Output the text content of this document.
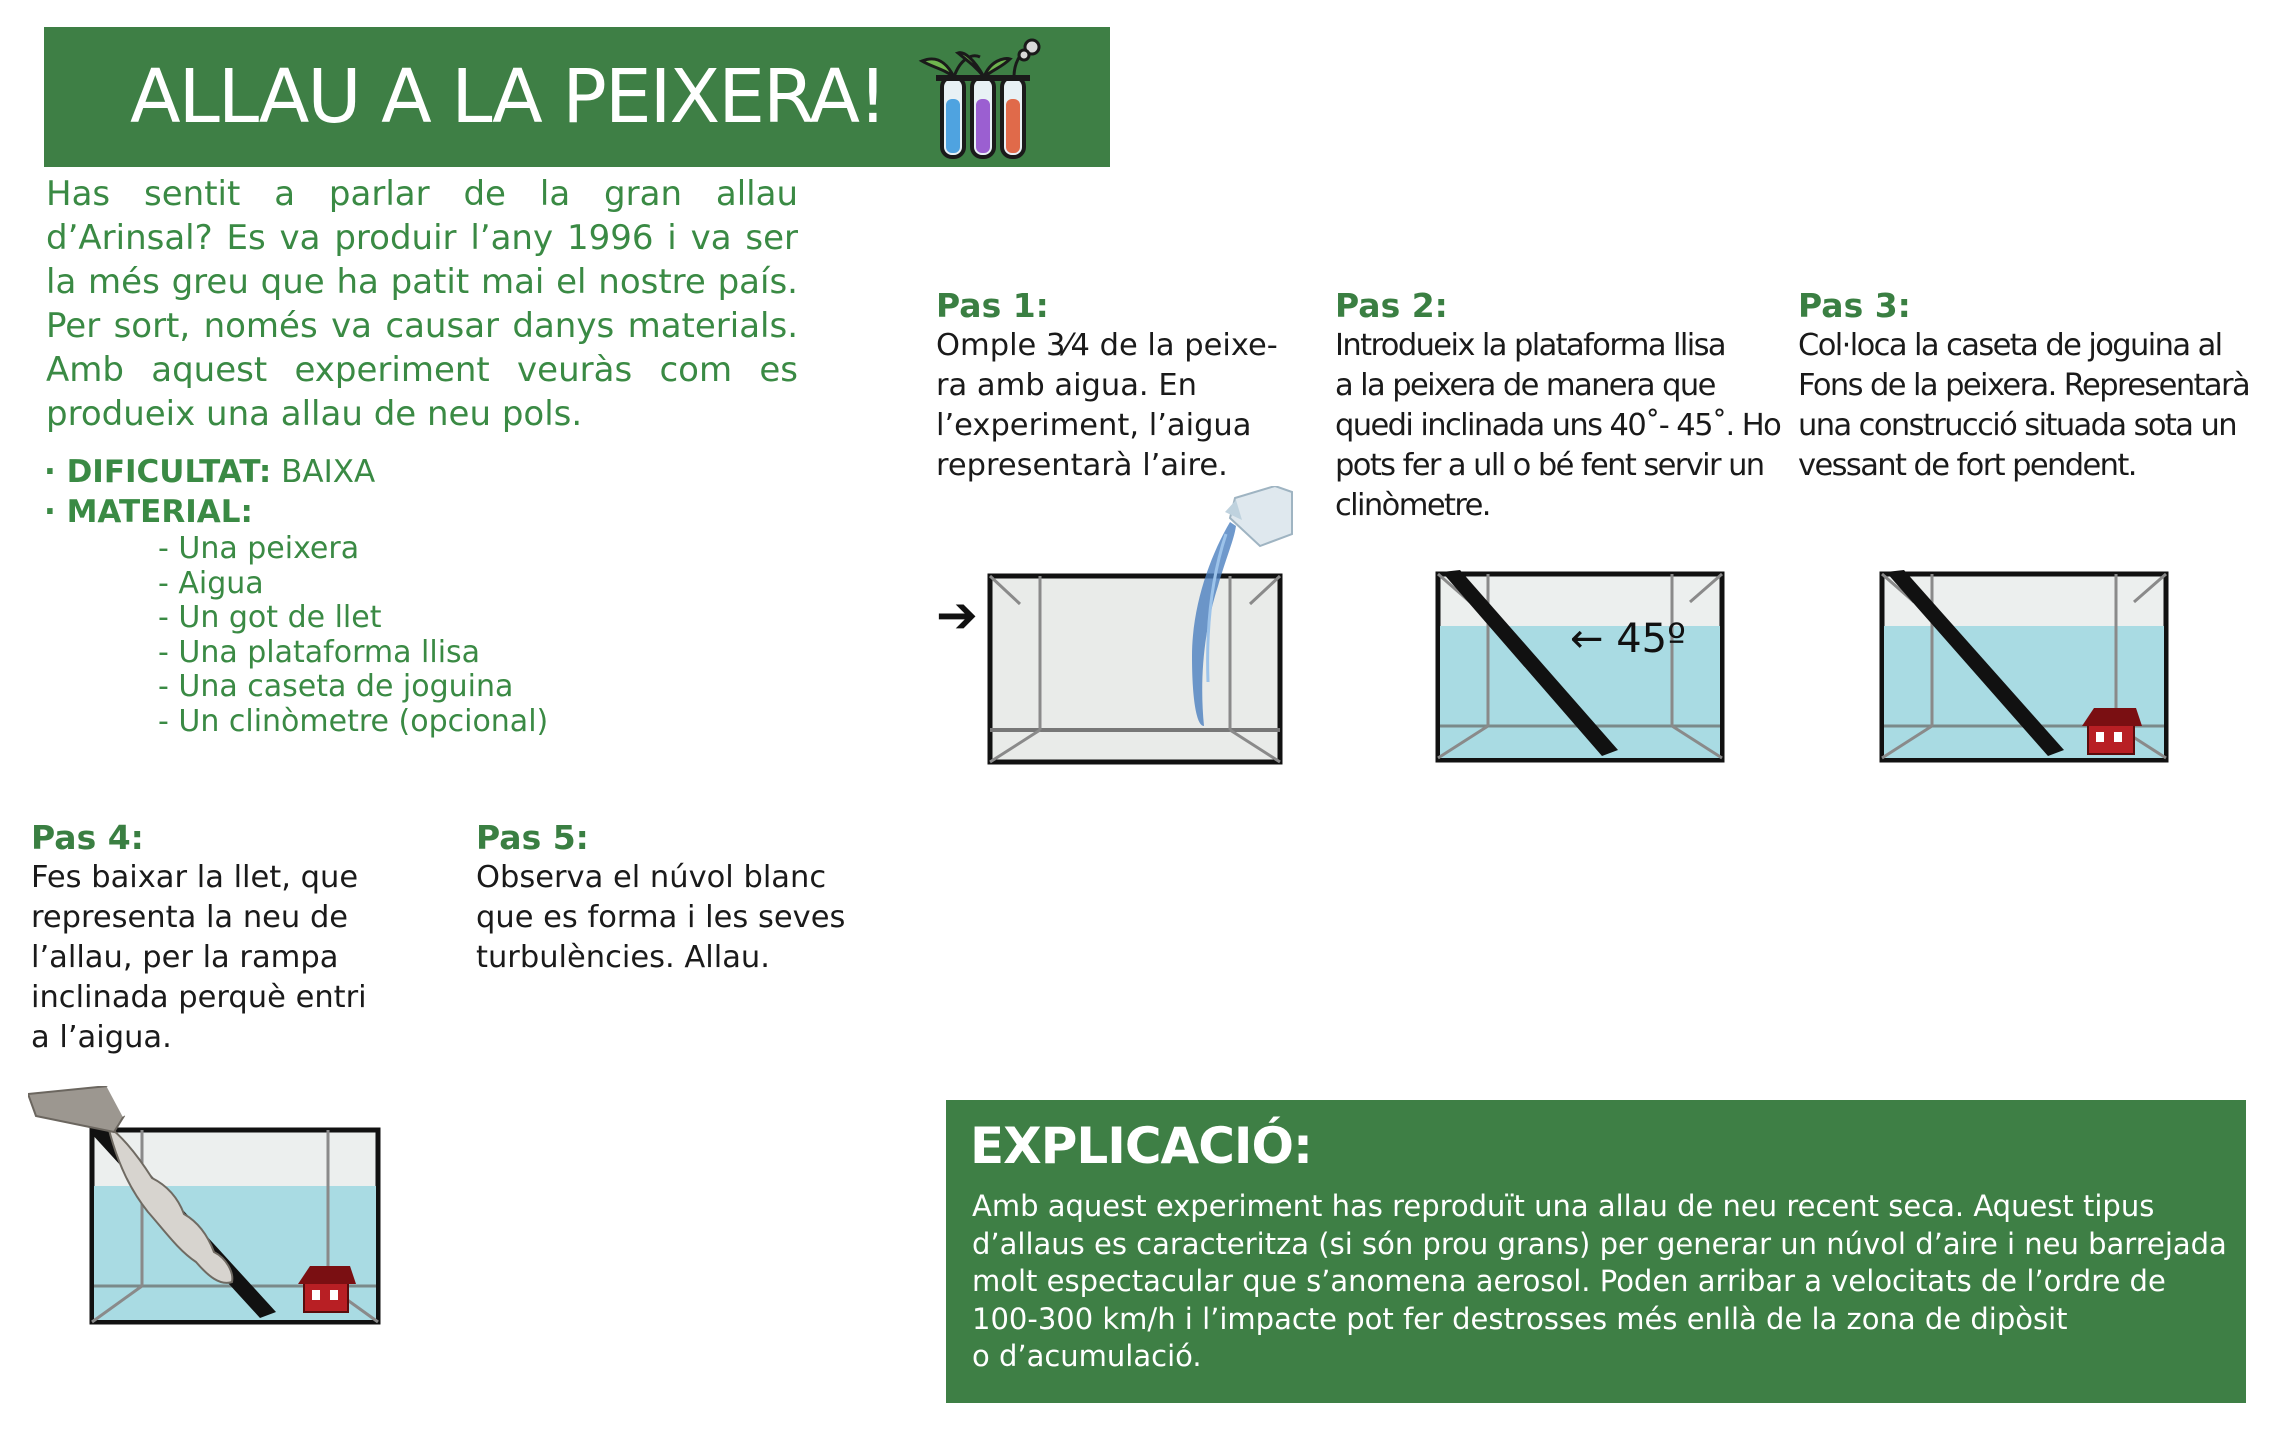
ALLAU A LA PEIXERA!

Has sentit a parlar de la gran allau d’Arinsal? Es va produir l’any 1996 i va ser la més greu que ha patit mai el nostre país. Per sort, només va causar danys materials. Amb aquest experiment veuràs com es produeix una allau de neu pols.

· DIFICULTAT: BAIXA
· MATERIAL:
- Una peixera
- Aigua
- Un got de llet
- Una plataforma llisa
- Una caseta de joguina
- Un clinòmetre (opcional)

Pas 1:

Omple 3⁄4 de la peixe-
ra amb aigua. En
l’experiment, l’aigua
representarà l’aire.

Pas 2:

Introdueix la plataforma llisa
a la peixera de manera que
quedi inclinada uns 40˚- 45˚. Ho
pots fer a ull o bé fent servir un
clinòmetre.

Pas 3:

Col·loca la caseta de joguina al
Fons de la peixera. Representarà
una construcció situada sota un
vessant de fort pendent.

Pas 4:

Fes baixar la llet, que
representa la neu de
l’allau, per la rampa
inclinada perquè entri
a l’aigua.

Pas 5:

Observa el núvol blanc
que es forma i les seves
turbulències. Allau.

➔	← 45º
EXPLICACIÓ:

Amb aquest experiment has reproduït una allau de neu recent seca. Aquest tipus
d’allaus es caracteritza (si són prou grans) per generar un núvol d’aire i neu barrejada
molt espectacular que s’anomena aerosol. Poden arribar a velocitats de l’ordre de
100-300 km/h i l’impacte pot fer destrosses més enllà de la zona de dipòsit
o d’acumulació.
